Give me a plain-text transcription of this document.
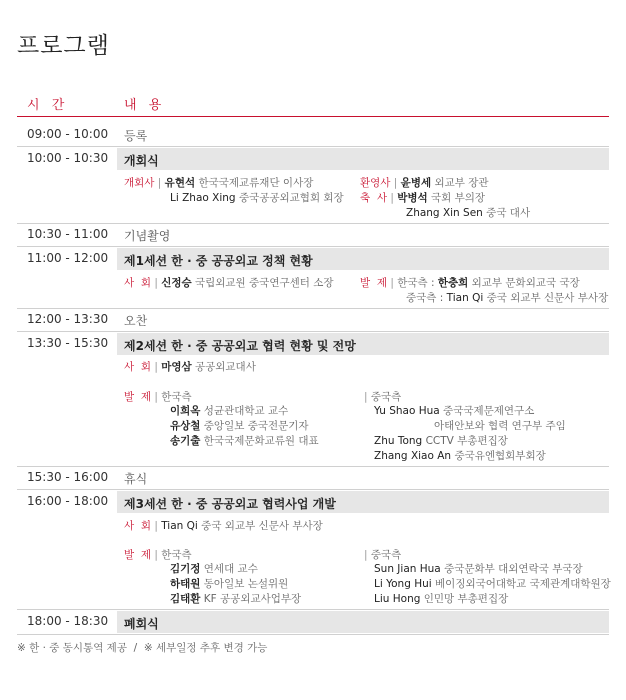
프로그램
시 간	내 용
09:00 - 10:00 등록
10:00 - 10:30 개회식
개회사 | 유현석 한국국제교류재단 이사장
Li Zhao Xing 중국공공외교협회 회장
환영사 | 윤병세 외교부 장관
축  사 | 박병석 국회 부의장
Zhang Xin Sen 중국 대사
10:30 - 11:00 기념촬영
11:00 - 12:00 제1세션 한 · 중 공공외교 정책 현황
사  회 | 신정승 국립외교원 중국연구센터 소장	발  제 | 한국측 : 한충희 외교부 문화외교국 국장
중국측 : Tian Qi 중국 외교부 신문사 부사장
12:00 - 13:30 오찬
13:30 - 15:30 제2세션 한 · 중 공공외교 협력 현황 및 전망
사  회 | 마영삼 공공외교대사
발  제 | 한국측
이희옥 성균관대학교 교수
유상철 중앙일보 중국전문기자
송기출 한국국제문화교류원 대표
| 중국측
Yu Shao Hua 중국국제문제연구소
아태안보와 협력 연구부 주임
Zhu Tong CCTV 부총편집장
Zhang Xiao An 중국유엔협회부회장
15:30 - 16:00 휴식
16:00 - 18:00 제3세션 한 · 중 공공외교 협력사업 개발
사  회 | Tian Qi 중국 외교부 신문사 부사장
발  제 | 한국측
김기정 연세대 교수
하태원 동아일보 논설위원
김태환 KF 공공외교사업부장
| 중국측
Sun Jian Hua 중국문화부 대외연락국 부국장
Li Yong Hui 베이징외국어대학교 국제관계대학원장
Liu Hong 인민망 부총편집장
18:00 - 18:30 폐회식
※ 한 · 중 동시통역 제공  /  ※ 세부일정 추후 변경 가능
